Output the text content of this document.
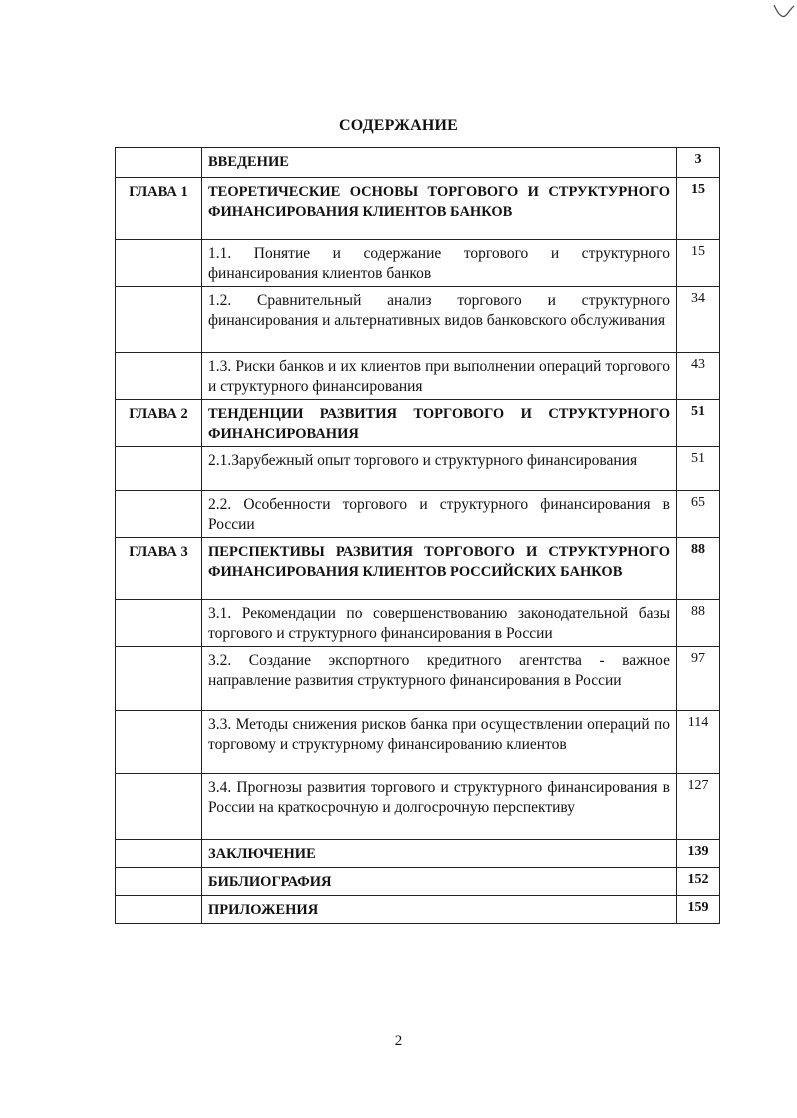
СОДЕРЖАНИЕ
	ВВЕДЕНИЕ	3
ГЛАВА 1	ТЕОРЕТИЧЕСКИЕ ОСНОВЫ ТОРГОВОГО И СТРУКТУРНОГО ФИНАНСИРОВАНИЯ КЛИЕНТОВ БАНКОВ	15
	1.1. Понятие и содержание торгового и структурного финансирования клиентов банков	15
	1.2. Сравнительный анализ торгового и структурного финансирования и альтернативных видов банковского обслуживания	34
	1.3. Риски банков и их клиентов при выполнении операций торгового и структурного финансирования	43
ГЛАВА 2	ТЕНДЕНЦИИ РАЗВИТИЯ ТОРГОВОГО И СТРУКТУРНОГО ФИНАНСИРОВАНИЯ	51
	2.1.Зарубежный опыт торгового и структурного финансирования	51
	2.2. Особенности торгового и структурного финансирования в России	65
ГЛАВА 3	ПЕРСПЕКТИВЫ РАЗВИТИЯ ТОРГОВОГО И СТРУКТУРНОГО ФИНАНСИРОВАНИЯ КЛИЕНТОВ РОССИЙСКИХ БАНКОВ	88
	3.1. Рекомендации по совершенствованию законодательной базы торгового и структурного финансирования в России	88
	3.2. Создание экспортного кредитного агентства - важное направление развития структурного финансирования в России	97
	3.3. Методы снижения рисков банка при осуществлении операций по торговому и структурному финансированию клиентов	114
	3.4. Прогнозы развития торгового и структурного финансирования в России на краткосрочную и долгосрочную перспективу	127
	ЗАКЛЮЧЕНИЕ	139
	БИБЛИОГРАФИЯ	152
	ПРИЛОЖЕНИЯ	159
2
